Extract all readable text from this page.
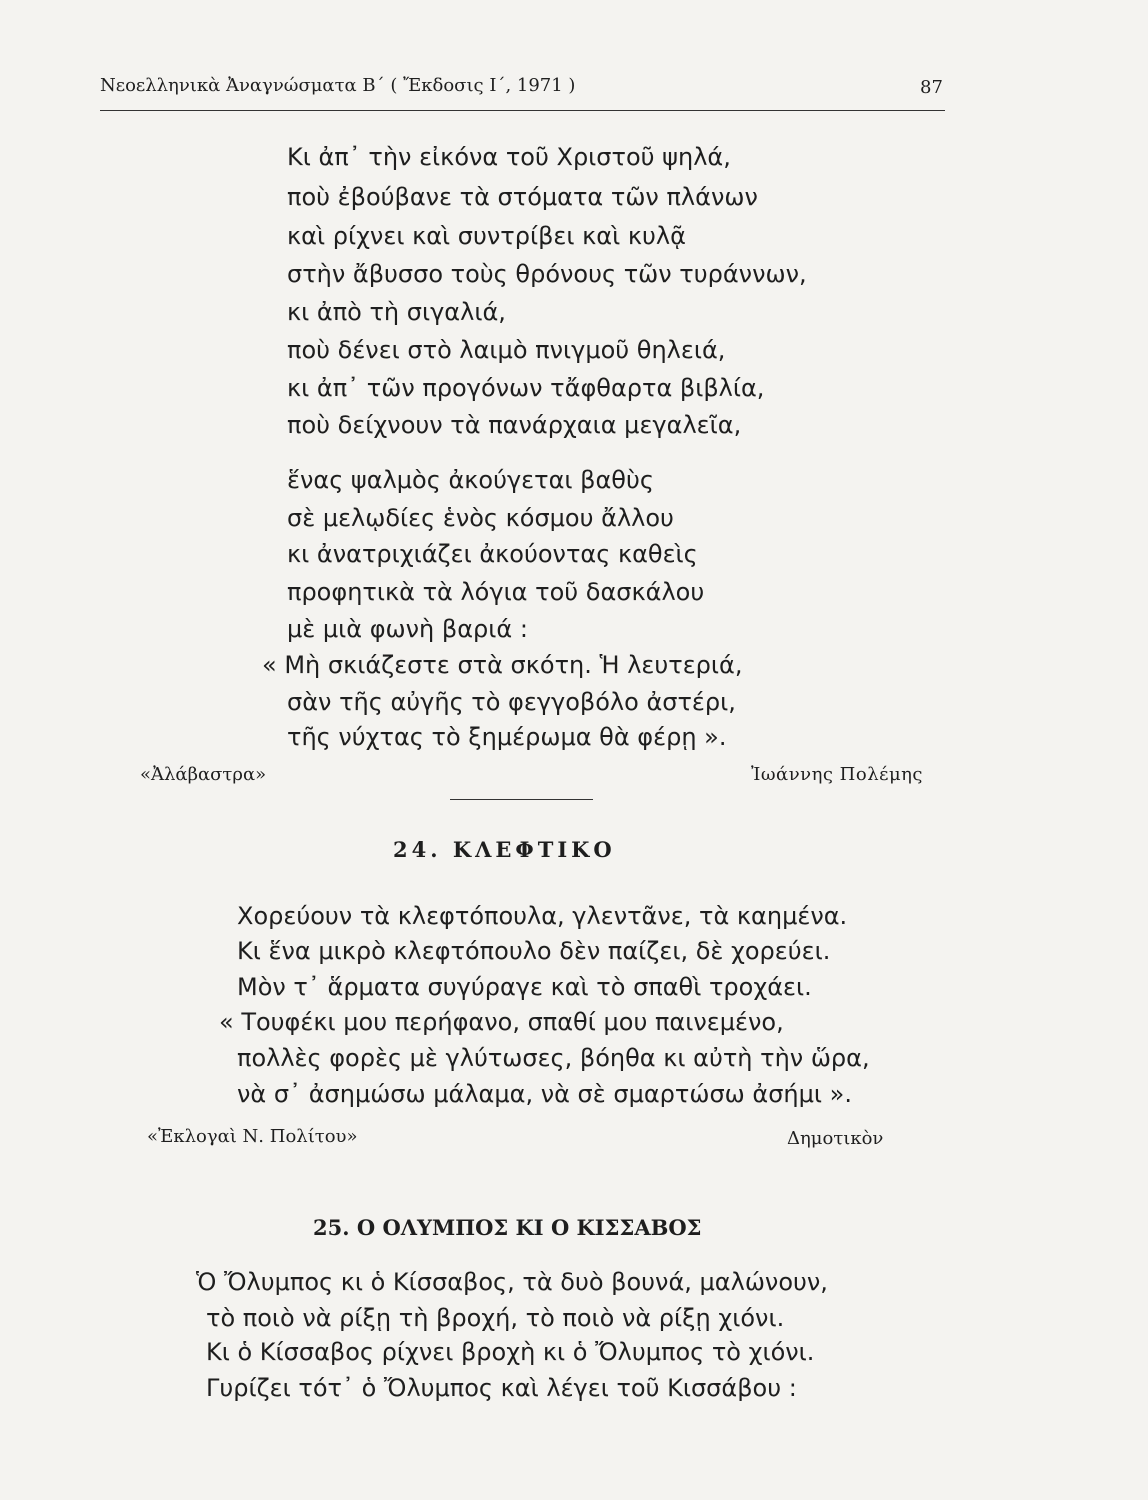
Νεοελληνικὰ Ἀναγνώσματα Β΄ ( Ἔκδοσις Ι΄, 1971 )	87
Κι ἀπ᾿ τὴν εἰκόνα τοῦ Χριστοῦ ψηλά,
ποὺ ἐβούβανε τὰ στόματα τῶν πλάνων
καὶ ρίχνει καὶ συντρίβει καὶ κυλᾷ
στὴν ἄβυσσο τοὺς θρόνους τῶν τυράννων,
κι ἀπὸ τὴ σιγαλιά,
ποὺ δένει στὸ λαιμὸ πνιγμοῦ θηλειά,
κι ἀπ᾿ τῶν προγόνων τἄφθαρτα βιβλία,
ποὺ δείχνουν τὰ πανάρχαια μεγαλεῖα,
ἕνας ψαλμὸς ἀκούγεται βαθὺς
σὲ μελῳδίες ἑνὸς κόσμου ἄλλου
κι ἀνατριχιάζει ἀκούοντας καθεὶς
προφητικὰ τὰ λόγια τοῦ δασκάλου
μὲ μιὰ φωνὴ βαριά :
« Μὴ σκιάζεστε στὰ σκότη. Ἡ λευτεριά,
σὰν τῆς αὐγῆς τὸ φεγγοβόλο ἀστέρι,
τῆς νύχτας τὸ ξημέρωμα θὰ φέρῃ ».
«Ἀλάβαστρα»	Ἰωάννης Πολέμης
24. ΚΛΕΦΤΙΚΟ
Χορεύουν τὰ κλεφτόπουλα, γλεντᾶνε, τὰ καημένα.
Κι ἕνα μικρὸ κλεφτόπουλο δὲν παίζει, δὲ χορεύει.
Μὸν τ᾿ ἅρματα συγύραγε καὶ τὸ σπαθὶ τροχάει.
« Τουφέκι μου περήφανο, σπαθί μου παινεμένο,
πολλὲς φορὲς μὲ γλύτωσες, βόηθα κι αὐτὴ τὴν ὥρα,
νὰ σ᾿ ἀσημώσω μάλαμα, νὰ σὲ σμαρτώσω ἀσήμι ».
«Ἐκλογαὶ Ν. Πολίτου»	Δημοτικὸν
25. Ο ΟΛΥΜΠΟΣ ΚΙ Ο ΚΙΣΣΑΒΟΣ
Ὁ Ὄλυμπος κι ὁ Κίσσαβος, τὰ δυὸ βουνά, μαλώνουν,
τὸ ποιὸ νὰ ρίξῃ τὴ βροχή, τὸ ποιὸ νὰ ρίξῃ χιόνι.
Κι ὁ Κίσσαβος ρίχνει βροχὴ κι ὁ Ὄλυμπος τὸ χιόνι.
Γυρίζει τότ᾿ ὁ Ὄλυμπος καὶ λέγει τοῦ Κισσάβου :
